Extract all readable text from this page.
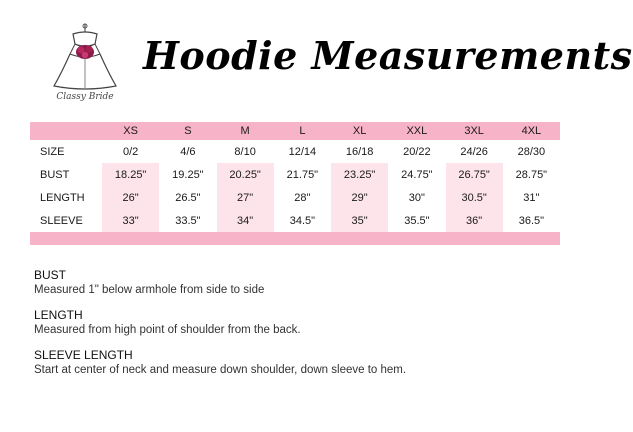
Classy Bride
Hoodie Measurements
	XS	S	M	L	XL	XXL	3XL	4XL
SIZE	0/2	4/6	8/10	12/14	16/18	20/22	24/26	28/30
BUST	18.25"	19.25"	20.25"	21.75"	23.25"	24.75"	26.75"	28.75"
LENGTH	26"	26.5"	27"	28"	29"	30"	30.5"	31"
SLEEVE	33"	33.5"	34"	34.5"	35"	35.5"	36"	36.5"

BUST

Measured 1" below armhole from side to side

LENGTH

Measured from high point of shoulder from the back.

SLEEVE LENGTH

Start at center of neck and measure down shoulder, down sleeve to hem.
